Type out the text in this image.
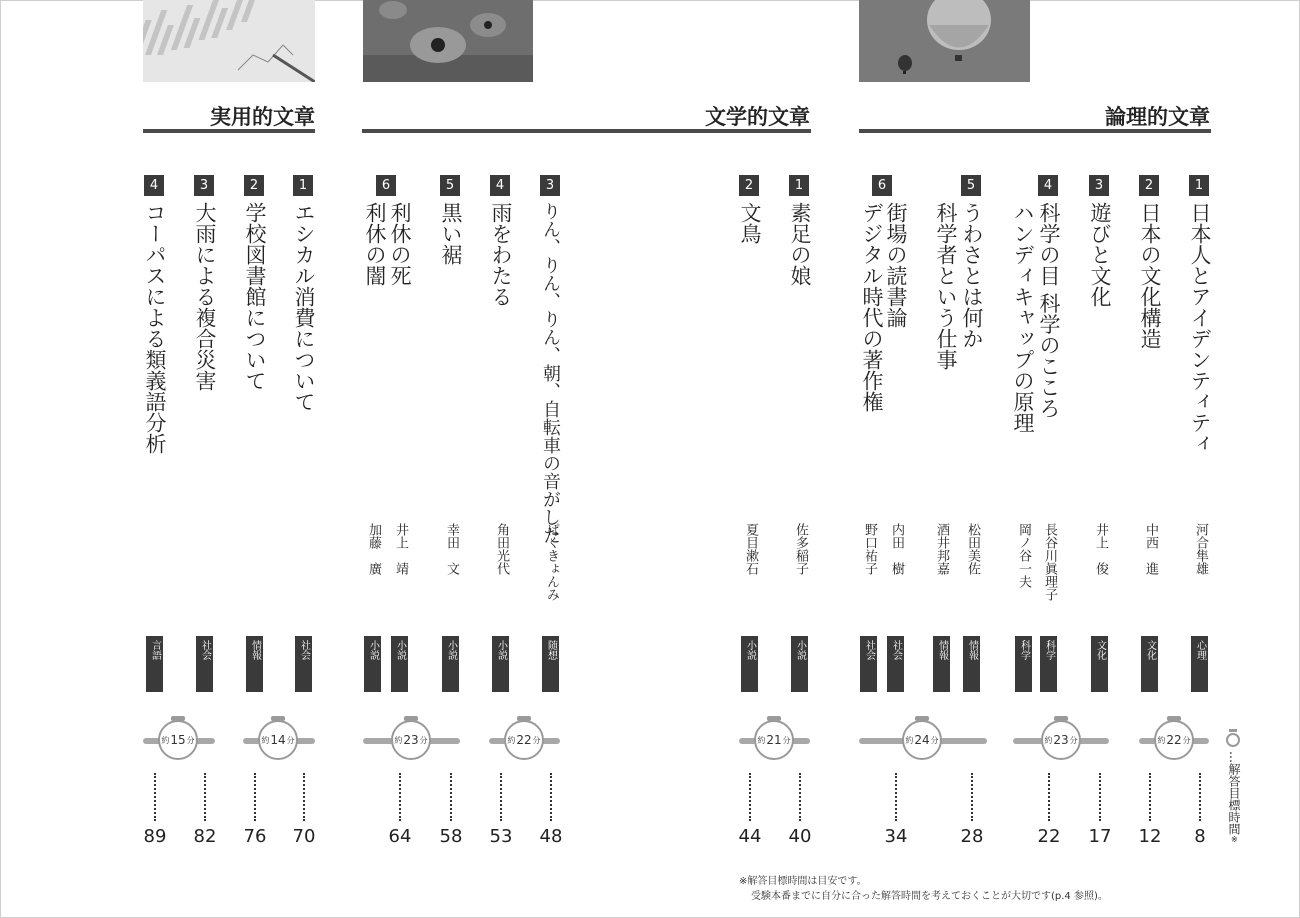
論理的文章
文学的文章
実用的文章
1
日本人とアイデンティティ
河合隼雄
心理
8
2
日本の文化構造
中西　進
文化
12
3
遊びと文化
井上　俊
文化
17
4
科学の目 科学のこころ
ハンディキャップの原理
長谷川眞理子
岡ノ谷一夫
科学
科学
22
5
うわさとは何か
科学者という仕事
松田美佐
酒井邦嘉
情報
情報
28
6
街場の読書論
デジタル時代の著作権
内田　樹
野口祐子
社会
社会
34
1
素足の娘
佐多稲子
小説
40
2
文鳥
夏目漱石
小説
44
3
りん、りん、りん、朝、自転車の音がした
ぱくきょんみ
随想
48
4
雨をわたる
角田光代
小説
53
5
黒い裾
幸田　文
小説
58
6
利休の死
利休の闇
井上　靖
加藤　廣
小説
小説
64
1
エシカル消費について
社会
70
2
学校図書館について
情報
76
3
大雨による複合災害
社会
82
4
コーパスによる類義語分析
言語
89
約 22 分
約 23 分
約 24 分
約 21 分
約 22 分
約 23 分
約 14 分
約 15 分
…解答目標時間
※
※解答目標時間は目安です。
受験本番までに自分に合った解答時間を考えておくことが大切です(p.4 参照)。
